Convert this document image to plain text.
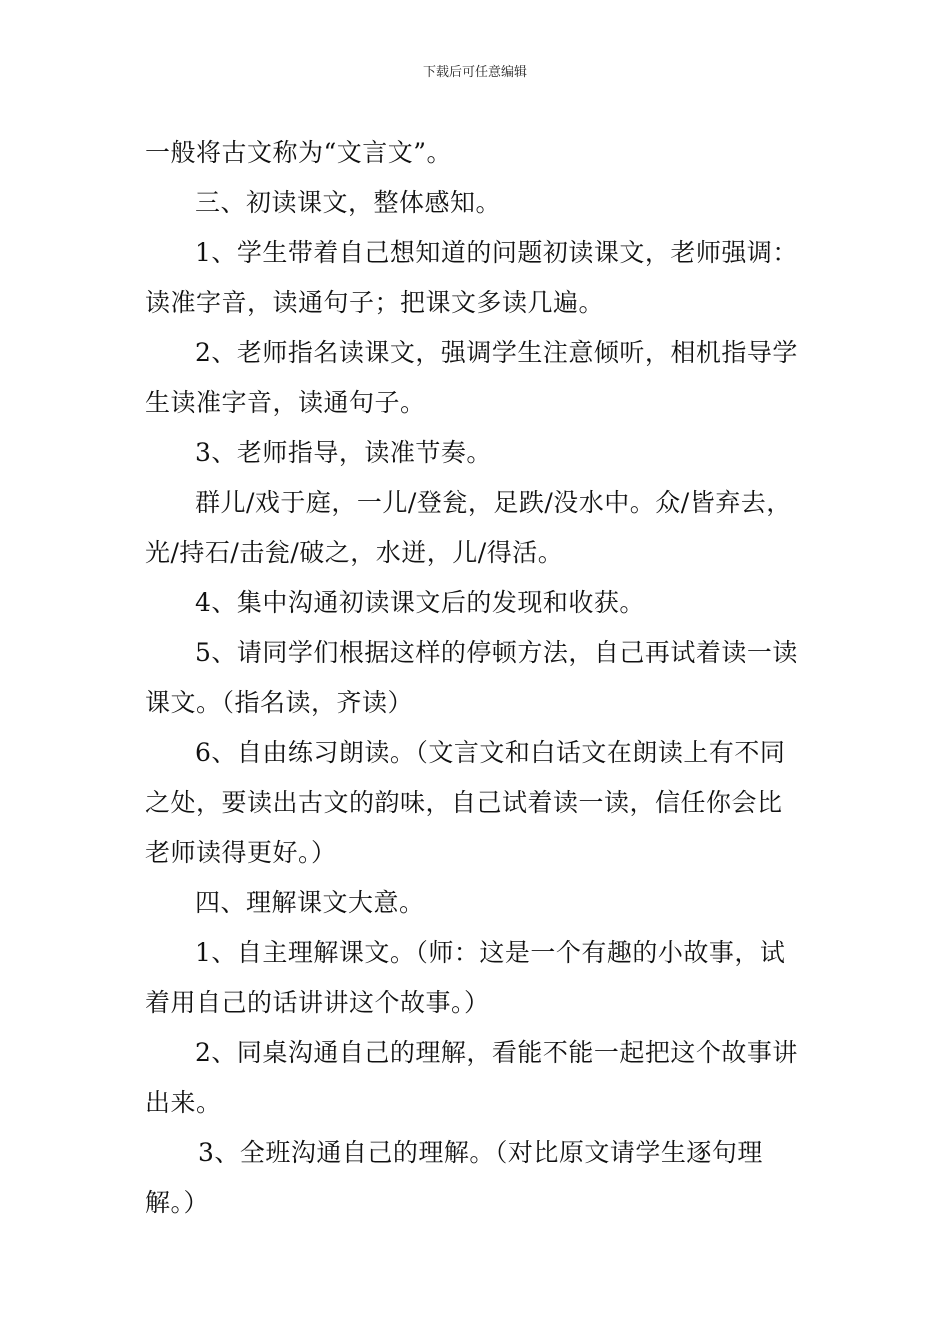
下载后可任意编辑

一般将古文称为“文言文”。

三、初读课文，整体感知。

1、学生带着自己想知道的问题初读课文，老师强调：
读准字音，读通句子；把课文多读几遍。

2、老师指名读课文，强调学生注意倾听，相机指导学
生读准字音，读通句子。

3、老师指导，读准节奏。

群儿/戏于庭，一儿/登瓮，足跌/没水中。众/皆弃去，
光/持石/击瓮/破之，水迸，儿/得活。

4、集中沟通初读课文后的发现和收获。

5、请同学们根据这样的停顿方法，自己再试着读一读
课文。（指名读，齐读）

6、自由练习朗读。（文言文和白话文在朗读上有不同
之处，要读出古文的韵味，自己试着读一读，信任你会比
老师读得更好。）

四、理解课文大意。

1、自主理解课文。（师：这是一个有趣的小故事，试
着用自己的话讲讲这个故事。）

2、同桌沟通自己的理解，看能不能一起把这个故事讲
出来。

3、全班沟通自己的理解。（对比原文请学生逐句理
解。）
